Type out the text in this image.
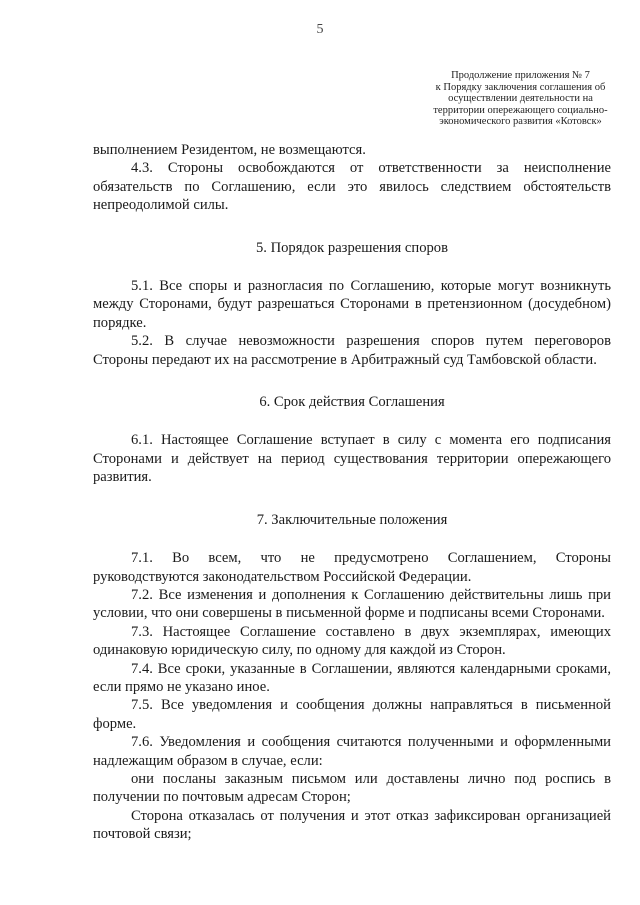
5
Продолжение приложения № 7
к Порядку заключения соглашения об
осуществлении деятельности на
территории опережающего социально-
экономического развития «Котовск»

выполнением Резидентом, не возмещаются.

4.3. Стороны освобождаются от ответственности за неисполнение обязательств по Соглашению, если это явилось следствием обстоятельств непреодолимой силы.

5. Порядок разрешения споров

5.1. Все споры и разногласия по Соглашению, которые могут возникнуть между Сторонами, будут разрешаться Сторонами в претензионном (досудебном) порядке.

5.2. В случае невозможности разрешения споров путем переговоров Стороны передают их на рассмотрение в Арбитражный суд Тамбовской области.

6. Срок действия Соглашения

6.1. Настоящее Соглашение вступает в силу с момента его подписания Сторонами и действует на период существования территории опережающего развития.

7. Заключительные положения

7.1. Во всем, что не предусмотрено Соглашением, Стороны руководствуются законодательством Российской Федерации.

7.2. Все изменения и дополнения к Соглашению действительны лишь при условии, что они совершены в письменной форме и подписаны всеми Сторонами.

7.3. Настоящее Соглашение составлено в двух экземплярах, имеющих одинаковую юридическую силу, по одному для каждой из Сторон.

7.4. Все сроки, указанные в Соглашении, являются календарными сроками, если прямо не указано иное.

7.5. Все уведомления и сообщения должны направляться в письменной форме.

7.6. Уведомления и сообщения считаются полученными и оформленными надлежащим образом в случае, если:

они посланы заказным письмом или доставлены лично под роспись в получении по почтовым адресам Сторон;

Сторона отказалась от получения и этот отказ зафиксирован организацией почтовой связи;
